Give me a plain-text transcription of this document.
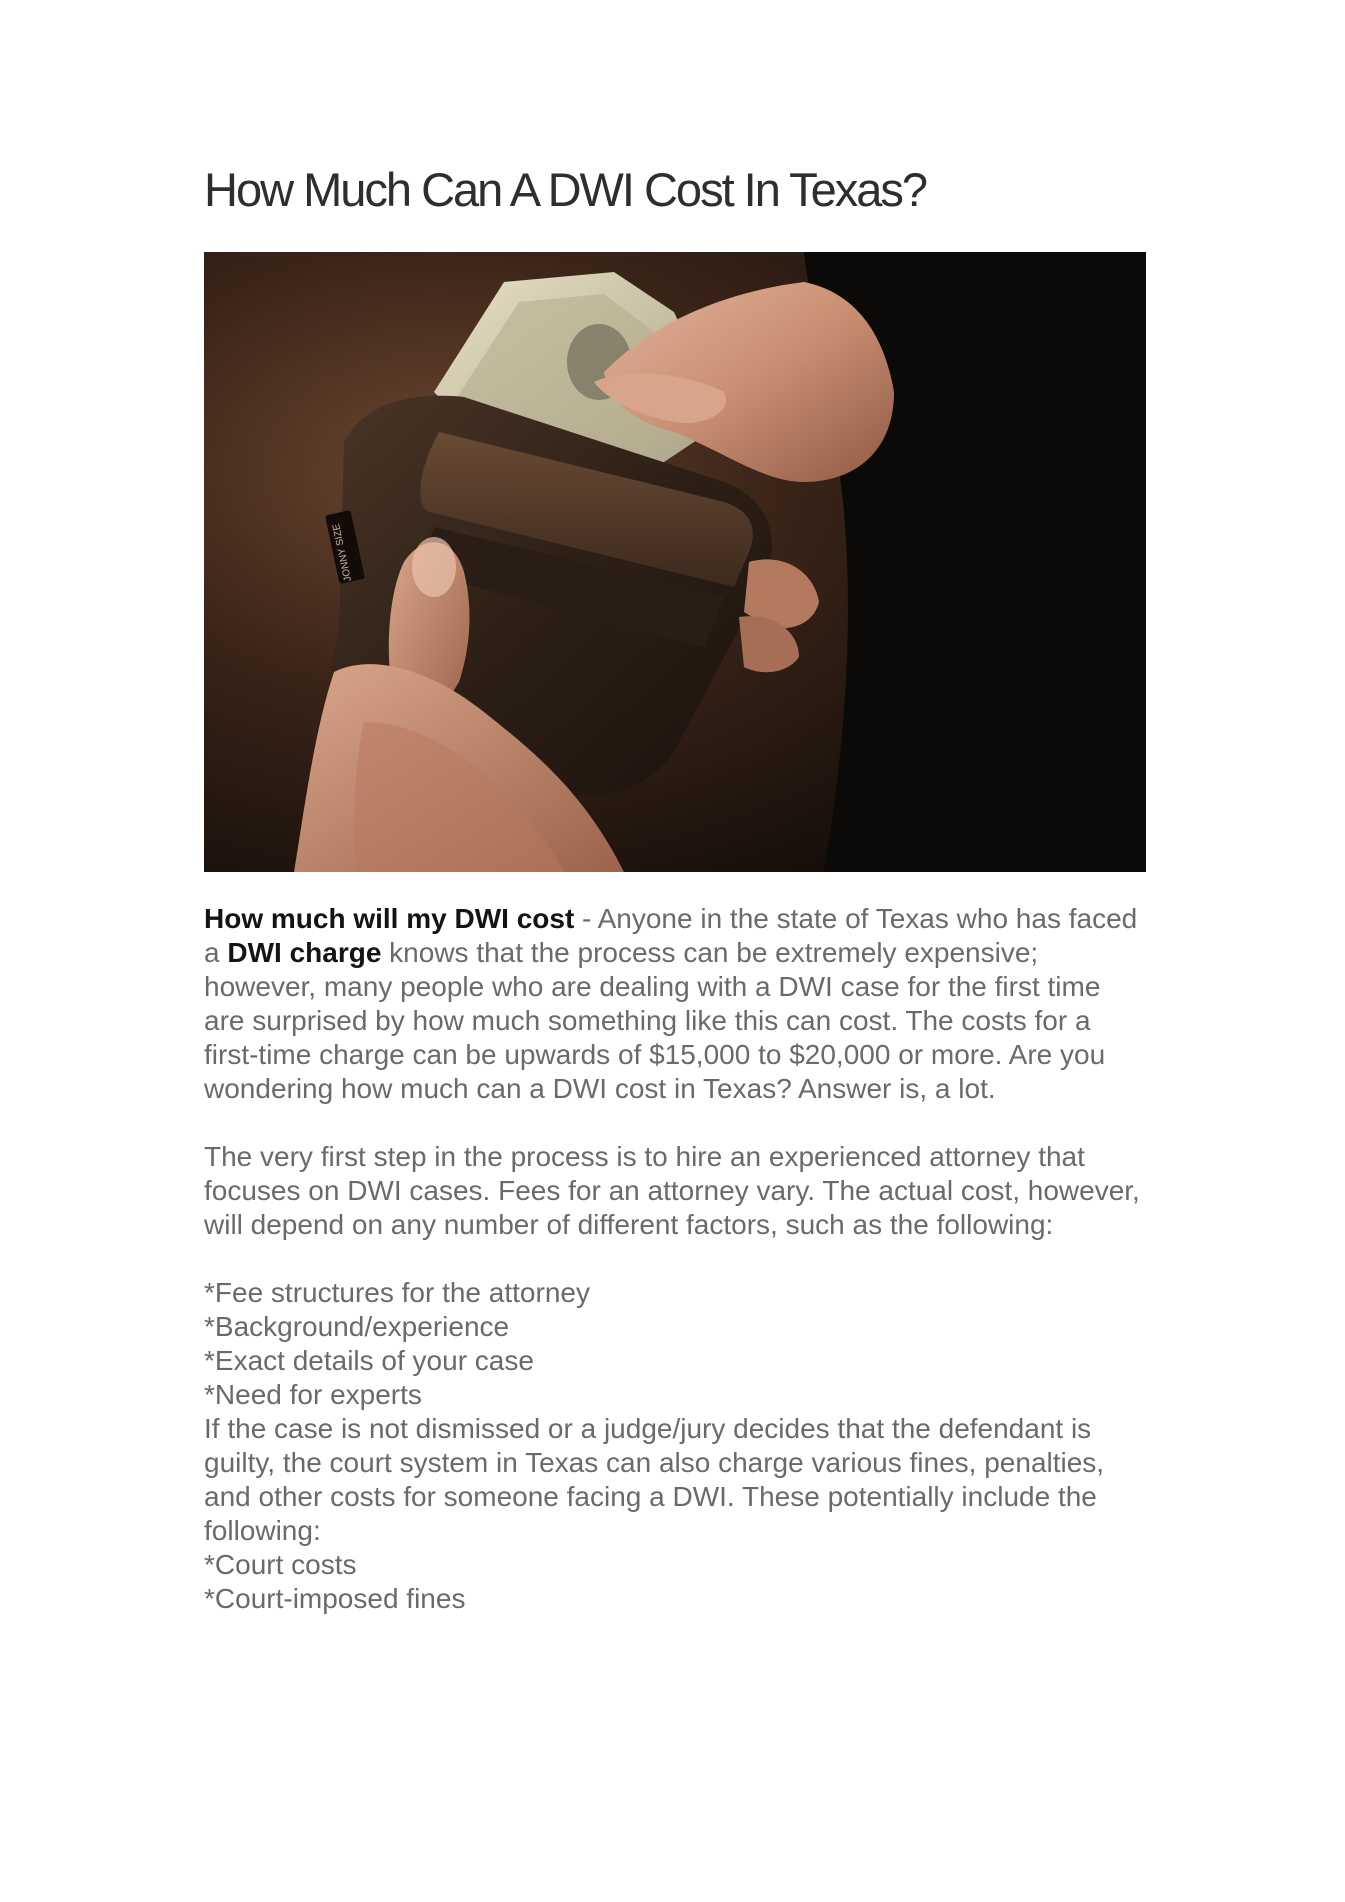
How Much Can A DWI Cost In Texas?
JONNY SIZE

How much will my DWI cost - Anyone in the state of Texas who has faced a DWI charge knows that the process can be extremely expensive; however, many people who are dealing with a DWI case for the first time are surprised by how much something like this can cost. The costs for a first-time charge can be upwards of $15,000 to $20,000 or more. Are you wondering how much can a DWI cost in Texas? Answer is, a lot.

The very first step in the process is to hire an experienced attorney that focuses on DWI cases. Fees for an attorney vary. The actual cost, however, will depend on any number of different factors, such as the following:

*Fee structures for the attorney
*Background/experience
*Exact details of your case
*Need for experts
If the case is not dismissed or a judge/jury decides that the defendant is guilty, the court system in Texas can also charge various fines, penalties, and other costs for someone facing a DWI. These potentially include the following:
*Court costs
*Court-imposed fines
